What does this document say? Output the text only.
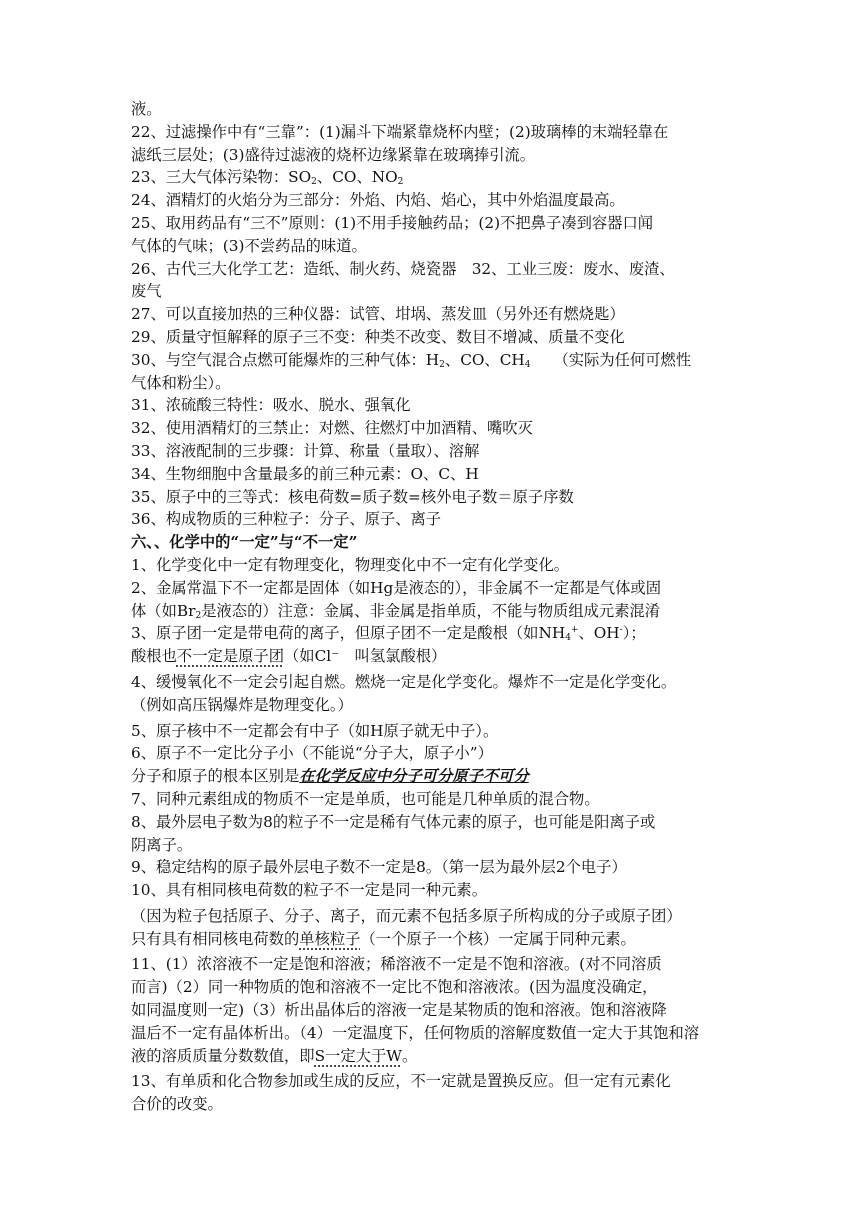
液。
22、过滤操作中有“三靠”：(1)漏斗下端紧靠烧杯内壁；(2)玻璃棒的末端轻靠在
滤纸三层处；(3)盛待过滤液的烧杯边缘紧靠在玻璃捧引流。
23、三大气体污染物：$SO_2$、CO、$NO_2$
24、酒精灯的火焰分为三部分：外焰、内焰、焰心，其中外焰温度最高。
25、取用药品有“三不”原则：(1)不用手接触药品；(2)不把鼻子凑到容器口闻
气体的气味；(3)不尝药品的味道。
26、古代三大化学工艺：造纸、制火药、烧瓷器　32、工业三废：废水、废渣、
废气
27、可以直接加热的三种仪器：试管、坩埚、蒸发皿（另外还有燃烧匙）
29、质量守恒解释的原子三不变：种类不改变、数目不增减、质量不变化
30、与空气混合点燃可能爆炸的三种气体：$H_2$、CO、$CH_4$　　（实际为任何可燃性
气体和粉尘）。
31、浓硫酸三特性：吸水、脱水、强氧化
32、使用酒精灯的三禁止：对燃、往燃灯中加酒精、嘴吹灭
33、溶液配制的三步骤：计算、称量（量取）、溶解
34、生物细胞中含量最多的前三种元素：O、C、H
35、原子中的三等式：核电荷数=质子数=核外电子数＝原子序数
36、构成物质的三种粒子：分子、原子、离子
六、、化学中的“一定”与“不一定”
1、化学变化中一定有物理变化，物理变化中不一定有化学变化。
2、金属常温下不一定都是固体（如Hg是液态的），非金属不一定都是气体或固
体（如$Br_2$是液态的）注意：金属、非金属是指单质，不能与物质组成元素混淆
3、原子团一定是带电荷的离子，但原子团不一定是酸根（如$NH_4^+$、OH-）；
酸根也不一定是原子团（如Cl⁻　叫氢氯酸根）
4、缓慢氧化不一定会引起自燃。燃烧一定是化学变化。爆炸不一定是化学变化。
（例如高压锅爆炸是物理变化。）
5、原子核中不一定都会有中子（如H原子就无中子）。
6、原子不一定比分子小（不能说“分子大，原子小”）
分子和原子的根本区别是在化学反应中分子可分原子不可分
7、同种元素组成的物质不一定是单质，也可能是几种单质的混合物。
8、最外层电子数为8的粒子不一定是稀有气体元素的原子，也可能是阳离子或
阴离子。
9、稳定结构的原子最外层电子数不一定是8。（第一层为最外层2个电子）
10、具有相同核电荷数的粒子不一定是同一种元素。
（因为粒子包括原子、分子、离子，而元素不包括多原子所构成的分子或原子团）
只有具有相同核电荷数的单核粒子（一个原子一个核）一定属于同种元素。
11、(1）浓溶液不一定是饱和溶液；稀溶液不一定是不饱和溶液。(对不同溶质
而言)（2）同一种物质的饱和溶液不一定比不饱和溶液浓。(因为温度没确定，
如同温度则一定)（3）析出晶体后的溶液一定是某物质的饱和溶液。饱和溶液降
温后不一定有晶体析出。（4）一定温度下，任何物质的溶解度数值一定大于其饱和溶
液的溶质质量分数数值，即S一定大于W。
13、有单质和化合物参加或生成的反应，不一定就是置换反应。但一定有元素化
合价的改变。
